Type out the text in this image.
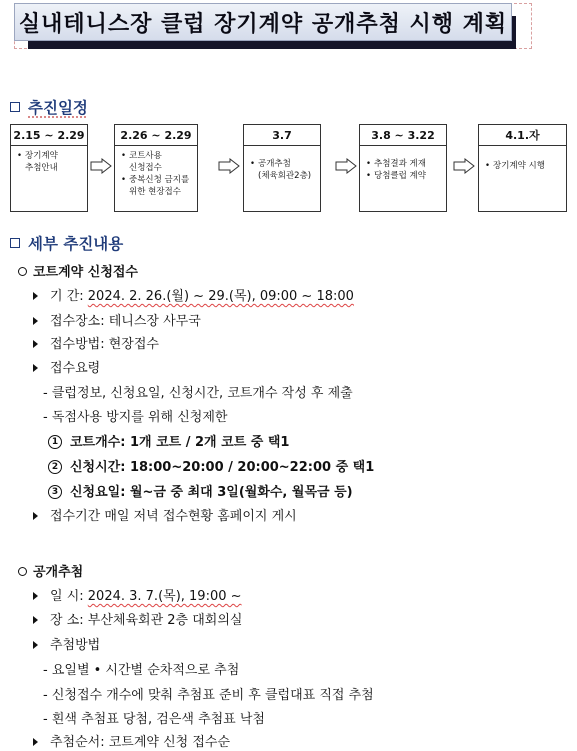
실내테니스장 클럽 장기계약 공개추첨 시행 계획
추진일정
2.15 ~ 2.29
• 장기계약
추첨안내
2.26 ~ 2.29
• 코트사용
신청접수
• 중복신청 금지를
위한 현장접수
3.7
• 공개추첨
(체육회관2층)
3.8 ~ 3.22
• 추첨결과 게재
• 당첨클럽 계약
4.1.자
• 장기계약 시행
세부 추진내용
코트계약 신청접수
기 간: 2024. 2. 26.(월) ~ 29.(목), 09:00 ~ 18:00
접수장소: 테니스장 사무국
접수방법: 현장접수
접수요령
- 클럽정보, 신청요일, 신청시간, 코트개수 작성 후 제출
- 독점사용 방지를 위해 신청제한
1 코트개수: 1개 코트 / 2개 코트 중 택1
2 신청시간: 18:00~20:00 / 20:00~22:00 중 택1
3 신청요일: 월~금 중 최대 3일(월화수, 월목금 등)
접수기간 매일 저녁 접수현황 홈페이지 게시
공개추첨
일 시: 2024. 3. 7.(목), 19:00 ~
장 소: 부산체육회관 2층 대회의실
추첨방법
- 요일별 • 시간별 순차적으로 추첨
- 신청접수 개수에 맞춰 추첨표 준비 후 클럽대표 직접 추첨
- 흰색 추첨표 당첨, 검은색 추첨표 낙첨
추첨순서: 코트계약 신청 접수순
